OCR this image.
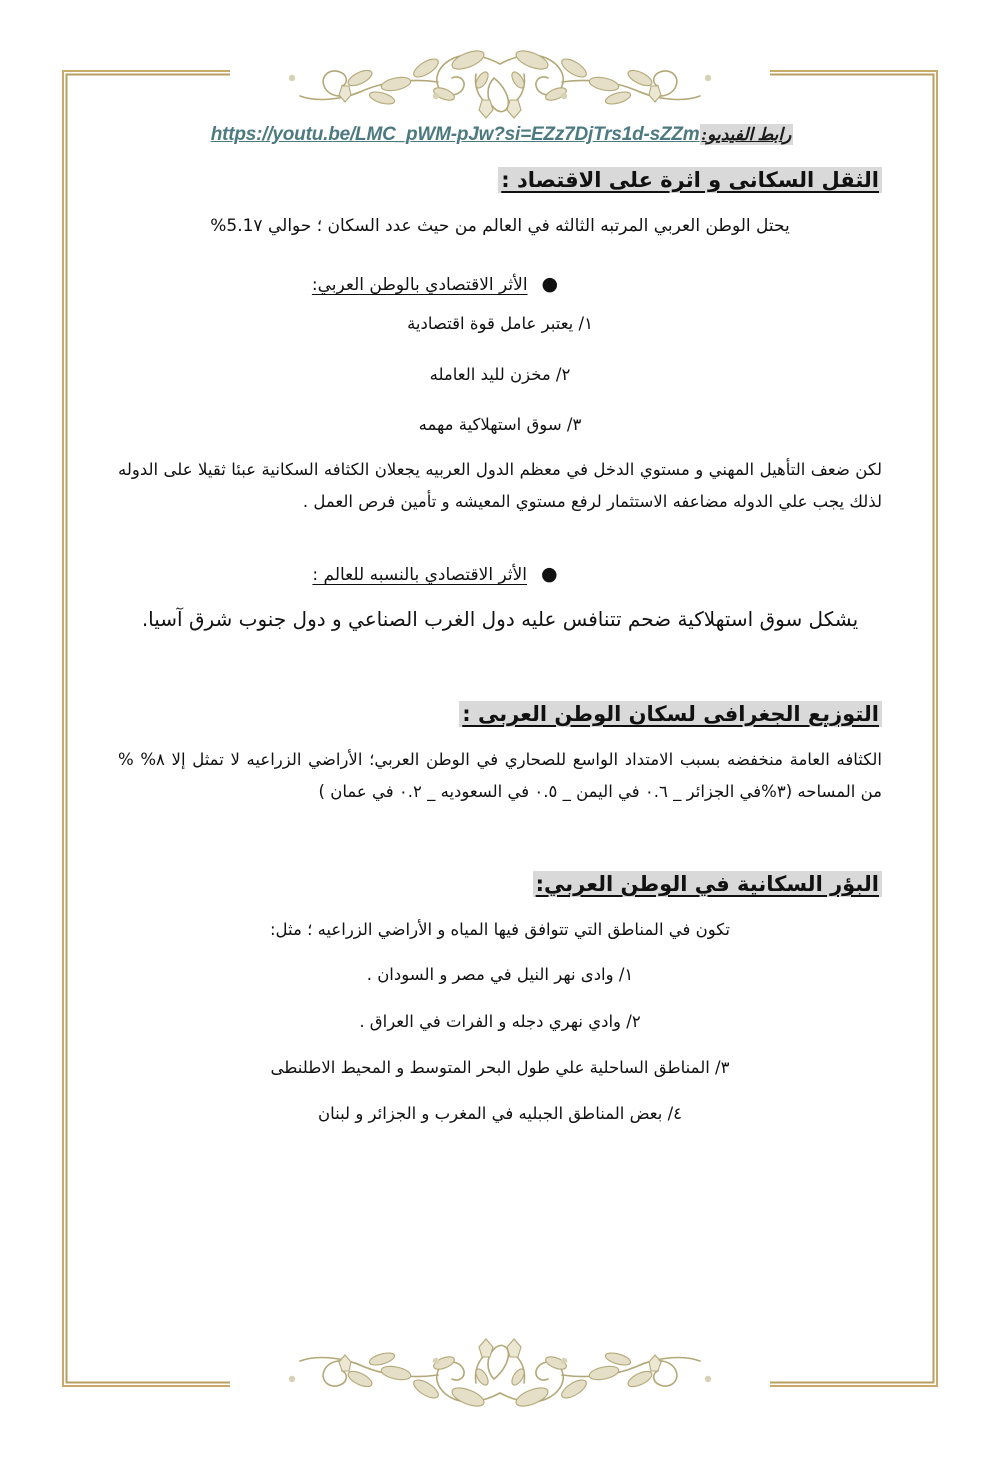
رابط الفيديو:https://youtu.be/LMC_pWM-pJw?si=EZz7DjTrs1d-sZZm
الثقل السكانى و اثرة على الاقتصاد :

يحتل الوطن العربي المرتبه الثالثه في العالم من حيث عدد السكان ؛ حوالي 5.1٧%

●
الأثر الاقتصادي بالوطن العربي:
١/ يعتبر عامل قوة اقتصادية
٢/ مخزن لليد العامله
٣/ سوق استهلاكية مهمه

لكن ضعف التأهيل المهني و مستوي الدخل في معظم الدول العربيه يجعلان الكثافه السكانية عبئا ثقيلا على الدوله لذلك يجب علي الدوله مضاعفه الاستثمار لرفع مستوي المعيشه و تأمين فرص العمل .

●
الأثر الاقتصادي بالنسبه للعالم :

يشكل سوق استهلاكية ضحم تتنافس عليه دول الغرب الصناعي و دول جنوب شرق آسيا.

التوزيع الجغرافى لسكان الوطن العربى :

الكثافه العامة منخفضه بسبب الامتداد الواسع للصحاري في الوطن العربي؛ الأراضي الزراعيه لا تمثل إلا ٨% % من المساحه (٣%في الجزائر _ ٠.٦ في اليمن _ ٠.٥ في السعوديه _ ٠.٢ في عمان )

البؤر السكانية في الوطن العربي:

تكون في المناطق التي تتوافق فيها المياه و الأراضي الزراعيه ؛ مثل:

١/ وادى نهر النيل في مصر و السودان .
٢/ وادي نهري دجله و الفرات في العراق .
٣/ المناطق الساحلية علي طول البحر المتوسط و المحيط الاطلنطى
٤/ بعض المناطق الجبليه في المغرب و الجزائر و لبنان
